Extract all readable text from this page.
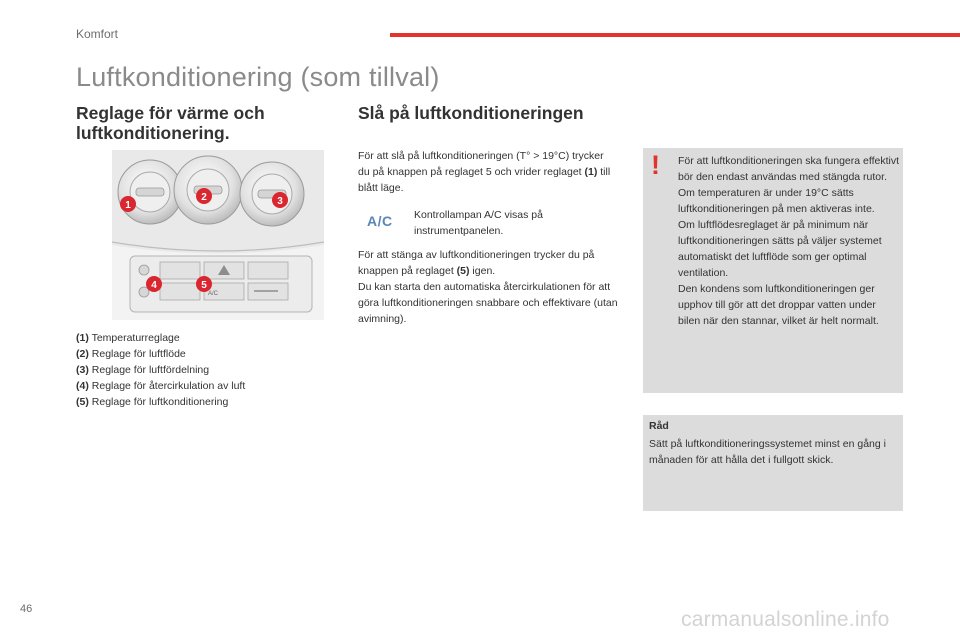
Komfort
Luftkonditionering (som tillval)
Reglage för värme och luftkonditionering.
Slå på luftkonditioneringen
A/C
1
2	3
4	5
(1) Temperaturreglage
(2) Reglage för luftflöde
(3) Reglage för luftfördelning
(4) Reglage för återcirkulation av luft
(5) Reglage för luftkonditionering

För att slå på luftkonditioneringen (T° > 19°C) trycker du på knappen på reglaget 5 och vrider reglaget (1) till blått läge.

A/C Kontrollampan A/C visas på instrumentpanelen.
För att stänga av luftkonditioneringen trycker du på knappen på reglaget (5) igen.
Du kan starta den automatiska återcirkulationen för att göra luftkonditioneringen snabbare och effektivare (utan avimning).
! För att luftkonditioneringen ska fungera effektivt bör den endast användas med stängda rutor.
Om temperaturen är under 19°C sätts luftkonditioneringen på men aktiveras inte.
Om luftflödesreglaget är på minimum när luftkonditioneringen sätts på väljer systemet automatiskt det luftflöde som ger optimal ventilation.
Den kondens som luftkonditioneringen ger upphov till gör att det droppar vatten under bilen när den stannar, vilket är helt normalt.
Råd
Sätt på luftkonditioneringssystemet minst en gång i månaden för att hålla det i fullgott skick.
46	carmanualsonline.info
